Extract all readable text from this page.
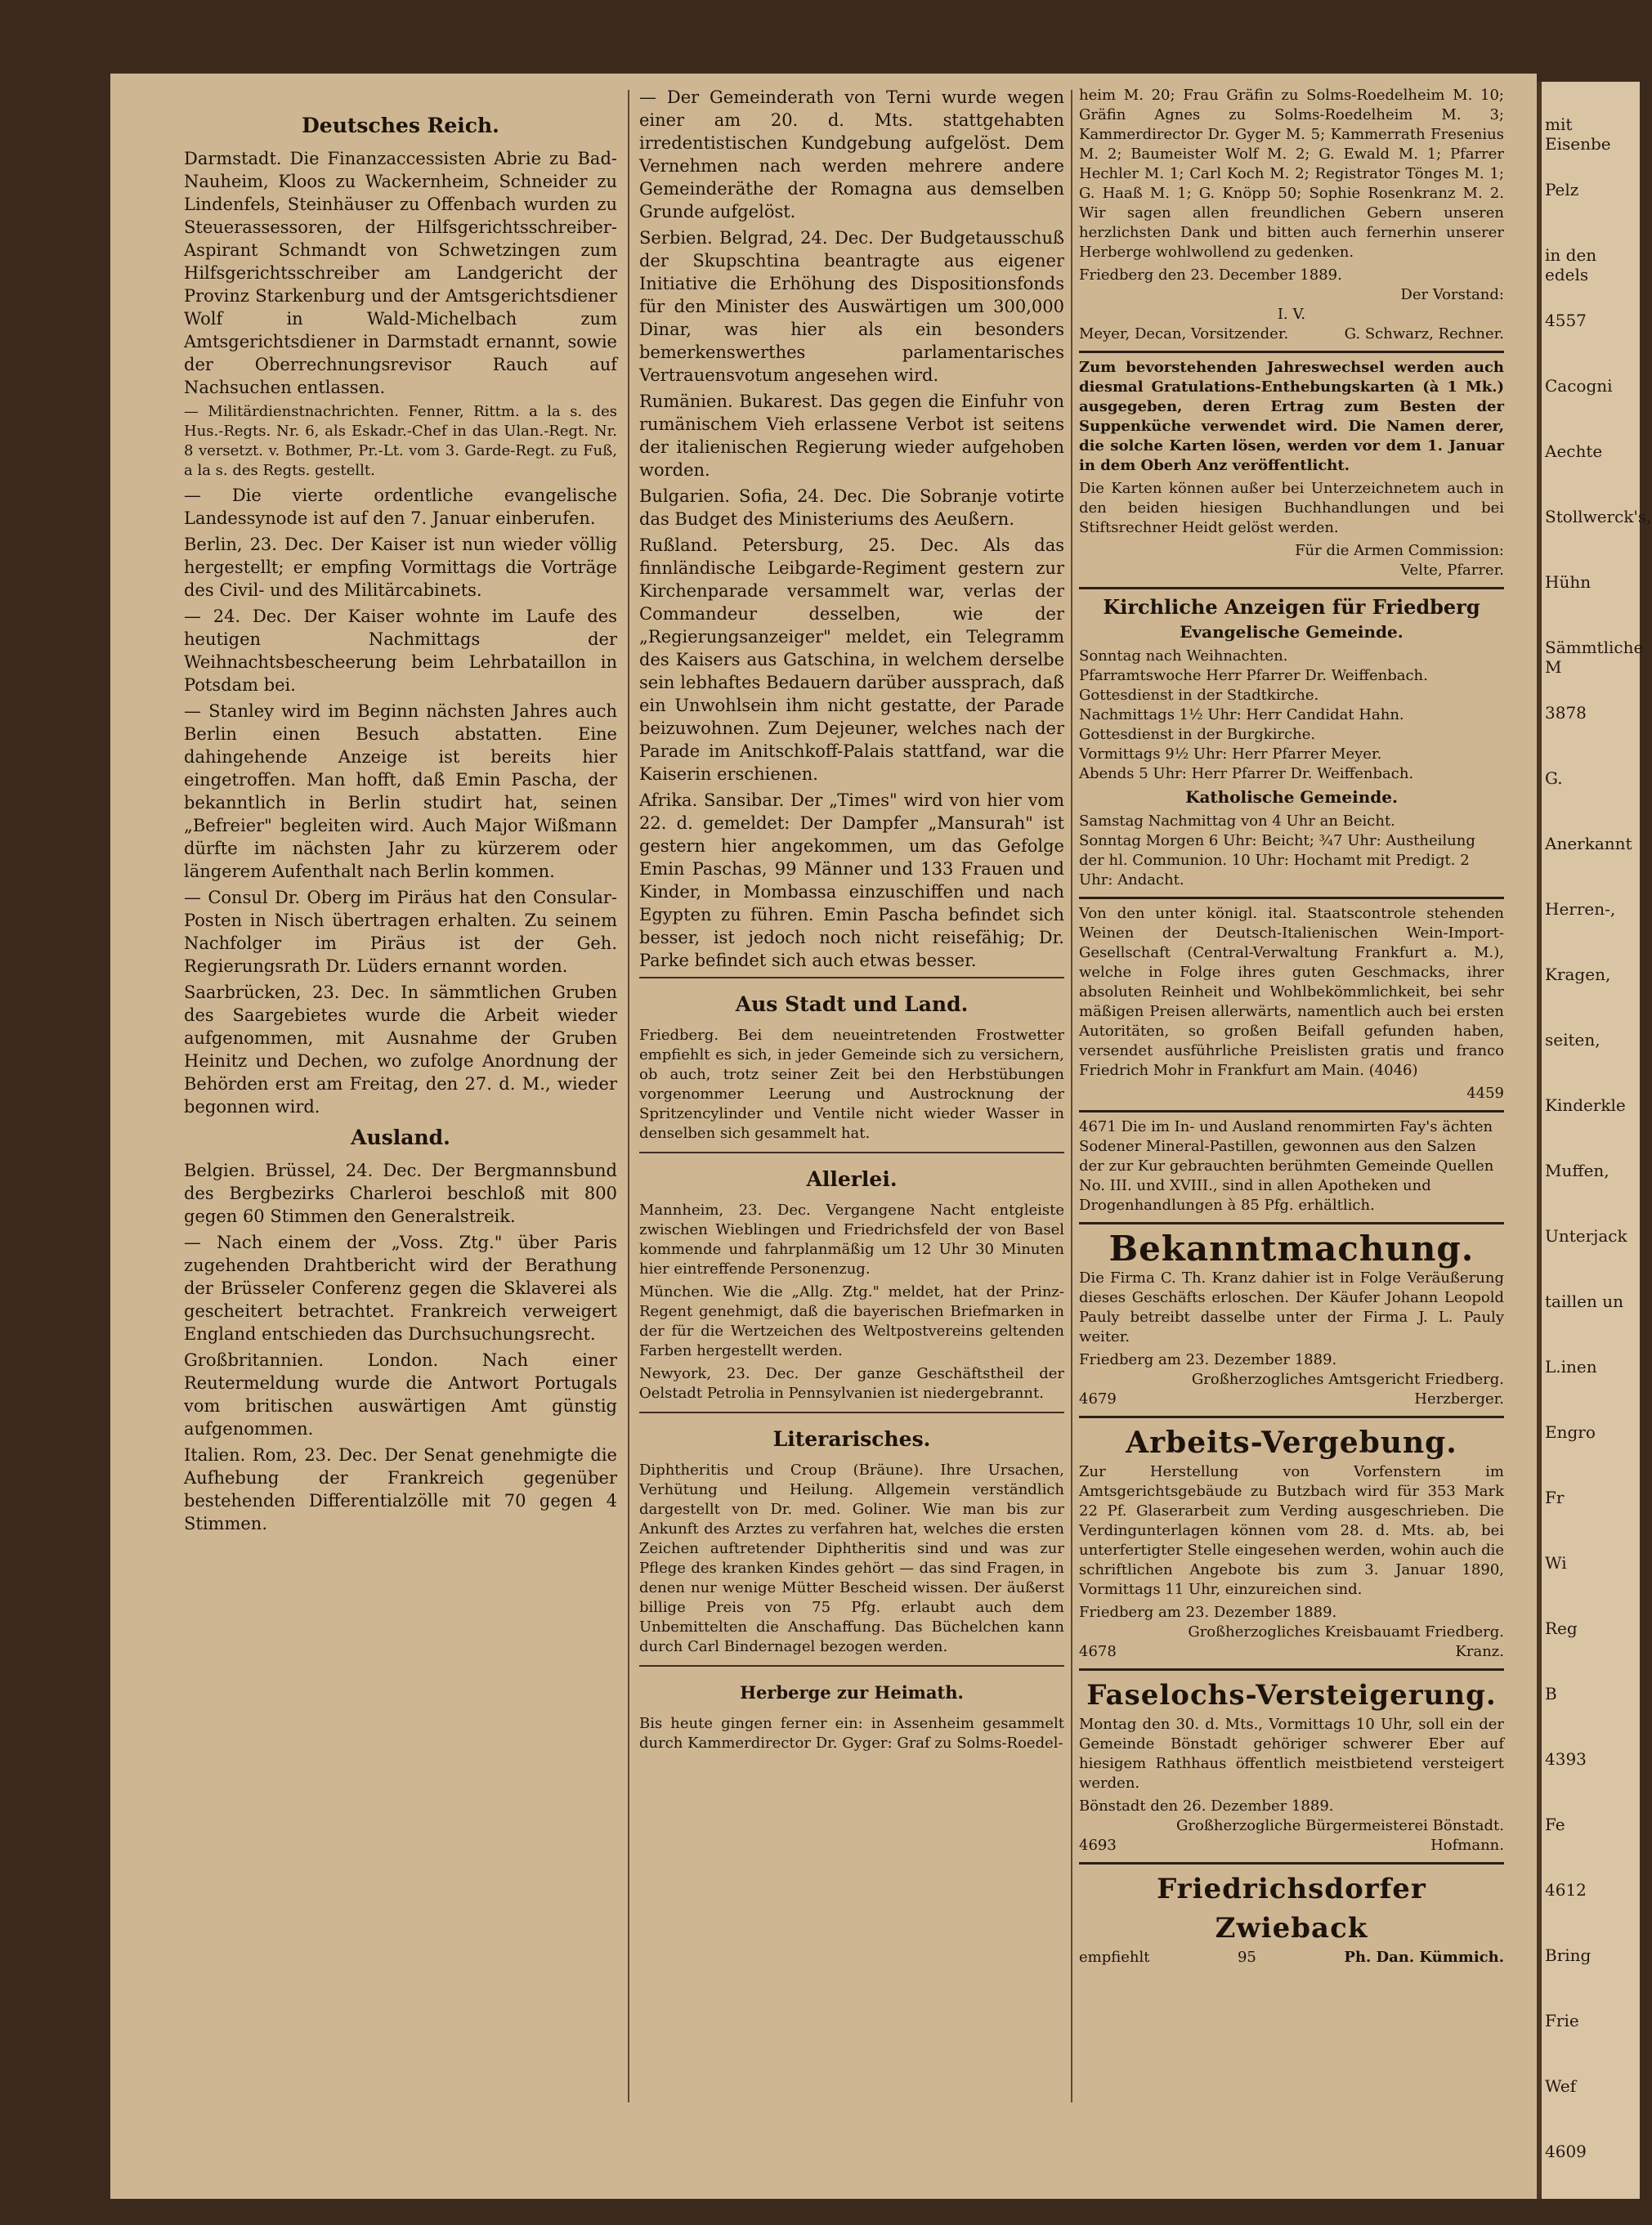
Deutsches Reich.

Darmstadt. Die Finanzaccessisten Abrie zu Bad-Nauheim, Kloos zu Wackernheim, Schneider zu Lindenfels, Steinhäuser zu Offenbach wurden zu Steuerassessoren, der Hilfsgerichtsschreiber-Aspirant Schmandt von Schwetzingen zum Hilfsgerichtsschreiber am Landgericht der Provinz Starkenburg und der Amtsgerichtsdiener Wolf in Wald-Michelbach zum Amtsgerichtsdiener in Darmstadt ernannt, sowie der Oberrechnungsrevisor Rauch auf Nachsuchen entlassen.

— Militärdienstnachrichten. Fenner, Rittm. a la s. des Hus.-Regts. Nr. 6, als Eskadr.-Chef in das Ulan.-Regt. Nr. 8 versetzt. v. Bothmer, Pr.-Lt. vom 3. Garde-Regt. zu Fuß, a la s. des Regts. gestellt.

— Die vierte ordentliche evangelische Landessynode ist auf den 7. Januar einberufen.

Berlin, 23. Dec. Der Kaiser ist nun wieder völlig hergestellt; er empfing Vormittags die Vorträge des Civil- und des Militärcabinets.

— 24. Dec. Der Kaiser wohnte im Laufe des heutigen Nachmittags der Weihnachtsbescheerung beim Lehrbataillon in Potsdam bei.

— Stanley wird im Beginn nächsten Jahres auch Berlin einen Besuch abstatten. Eine dahingehende Anzeige ist bereits hier eingetroffen. Man hofft, daß Emin Pascha, der bekanntlich in Berlin studirt hat, seinen „Befreier" begleiten wird. Auch Major Wißmann dürfte im nächsten Jahr zu kürzerem oder längerem Aufenthalt nach Berlin kommen.

— Consul Dr. Oberg im Piräus hat den Consular-Posten in Nisch übertragen erhalten. Zu seinem Nachfolger im Piräus ist der Geh. Regierungsrath Dr. Lüders ernannt worden.

Saarbrücken, 23. Dec. In sämmtlichen Gruben des Saargebietes wurde die Arbeit wieder aufgenommen, mit Ausnahme der Gruben Heinitz und Dechen, wo zufolge Anordnung der Behörden erst am Freitag, den 27. d. M., wieder begonnen wird.

Ausland.

Belgien. Brüssel, 24. Dec. Der Bergmannsbund des Bergbezirks Charleroi beschloß mit 800 gegen 60 Stimmen den Generalstreik.

— Nach einem der „Voss. Ztg." über Paris zugehenden Drahtbericht wird der Berathung der Brüsseler Conferenz gegen die Sklaverei als gescheitert betrachtet. Frankreich verweigert England entschieden das Durchsuchungsrecht.

Großbritannien. London. Nach einer Reutermeldung wurde die Antwort Portugals vom britischen auswärtigen Amt günstig aufgenommen.

Italien. Rom, 23. Dec. Der Senat genehmigte die Aufhebung der Frankreich gegenüber bestehenden Differentialzölle mit 70 gegen 4 Stimmen.

— Der Gemeinderath von Terni wurde wegen einer am 20. d. Mts. stattgehabten irredentistischen Kundgebung aufgelöst. Dem Vernehmen nach werden mehrere andere Gemeinderäthe der Romagna aus demselben Grunde aufgelöst.

Serbien. Belgrad, 24. Dec. Der Budgetausschuß der Skupschtina beantragte aus eigener Initiative die Erhöhung des Dispositionsfonds für den Minister des Auswärtigen um 300,000 Dinar, was hier als ein besonders bemerkenswerthes parlamentarisches Vertrauensvotum angesehen wird.

Rumänien. Bukarest. Das gegen die Einfuhr von rumänischem Vieh erlassene Verbot ist seitens der italienischen Regierung wieder aufgehoben worden.

Bulgarien. Sofia, 24. Dec. Die Sobranje votirte das Budget des Ministeriums des Aeußern.

Rußland. Petersburg, 25. Dec. Als das finnländische Leibgarde-Regiment gestern zur Kirchenparade versammelt war, verlas der Commandeur desselben, wie der „Regierungsanzeiger" meldet, ein Telegramm des Kaisers aus Gatschina, in welchem derselbe sein lebhaftes Bedauern darüber aussprach, daß ein Unwohlsein ihm nicht gestatte, der Parade beizuwohnen. Zum Dejeuner, welches nach der Parade im Anitschkoff-Palais stattfand, war die Kaiserin erschienen.

Afrika. Sansibar. Der „Times" wird von hier vom 22. d. gemeldet: Der Dampfer „Mansurah" ist gestern hier angekommen, um das Gefolge Emin Paschas, 99 Männer und 133 Frauen und Kinder, in Mombassa einzuschiffen und nach Egypten zu führen. Emin Pascha befindet sich besser, ist jedoch noch nicht reisefähig; Dr. Parke befindet sich auch etwas besser.

Aus Stadt und Land.

Friedberg. Bei dem neueintretenden Frostwetter empfiehlt es sich, in jeder Gemeinde sich zu versichern, ob auch, trotz seiner Zeit bei den Herbstübungen vorgenommer Leerung und Austrocknung der Spritzencylinder und Ventile nicht wieder Wasser in denselben sich gesammelt hat.

Allerlei.

Mannheim, 23. Dec. Vergangene Nacht entgleiste zwischen Wieblingen und Friedrichsfeld der von Basel kommende und fahrplanmäßig um 12 Uhr 30 Minuten hier eintreffende Personenzug.

München. Wie die „Allg. Ztg." meldet, hat der Prinz-Regent genehmigt, daß die bayerischen Briefmarken in der für die Wertzeichen des Weltpostvereins geltenden Farben hergestellt werden.

Newyork, 23. Dec. Der ganze Geschäftstheil der Oelstadt Petrolia in Pennsylvanien ist niedergebrannt.

Literarisches.

Diphtheritis und Croup (Bräune). Ihre Ursachen, Verhütung und Heilung. Allgemein verständlich dargestellt von Dr. med. Goliner. Wie man bis zur Ankunft des Arztes zu verfahren hat, welches die ersten Zeichen auftretender Diphtheritis sind und was zur Pflege des kranken Kindes gehört — das sind Fragen, in denen nur wenige Mütter Bescheid wissen. Der äußerst billige Preis von 75 Pfg. erlaubt auch dem Unbemittelten die Anschaffung. Das Büchelchen kann durch Carl Bindernagel bezogen werden.

Herberge zur Heimath.

Bis heute gingen ferner ein: in Assenheim gesammelt durch Kammerdirector Dr. Gyger: Graf zu Solms-Roedel-

heim M. 20; Frau Gräfin zu Solms-Roedelheim M. 10; Gräfin Agnes zu Solms-Roedelheim M. 3; Kammerdirector Dr. Gyger M. 5; Kammerrath Fresenius M. 2; Baumeister Wolf M. 2; G. Ewald M. 1; Pfarrer Hechler M. 1; Carl Koch M. 2; Registrator Tönges M. 1; G. Haaß M. 1; G. Knöpp 50; Sophie Rosenkranz M. 2. Wir sagen allen freundlichen Gebern unseren herzlichsten Dank und bitten auch fernerhin unserer Herberge wohlwollend zu gedenken.

Friedberg den 23. December 1889.
Der Vorstand:
I. V.
Meyer, Decan, Vorsitzender.	G. Schwarz, Rechner.

Zum bevorstehenden Jahreswechsel werden auch diesmal Gratulations-Enthebungskarten (à 1 Mk.) ausgegeben, deren Ertrag zum Besten der Suppenküche verwendet wird. Die Namen derer, die solche Karten lösen, werden vor dem 1. Januar in dem Oberh Anz veröffentlicht.

Die Karten können außer bei Unterzeichnetem auch in den beiden hiesigen Buchhandlungen und bei Stiftsrechner Heidt gelöst werden.

Für die Armen Commission:
Velte, Pfarrer.
Kirchliche Anzeigen für Friedberg
Evangelische Gemeinde.
Sonntag nach Weihnachten.
Pfarramtswoche Herr Pfarrer Dr. Weiffenbach.
Gottesdienst in der Stadtkirche.
Nachmittags 1½ Uhr: Herr Candidat Hahn.
Gottesdienst in der Burgkirche.
Vormittags 9½ Uhr: Herr Pfarrer Meyer.
Abends 5 Uhr: Herr Pfarrer Dr. Weiffenbach.
Katholische Gemeinde.
Samstag Nachmittag von 4 Uhr an Beicht.
Sonntag Morgen 6 Uhr: Beicht; ¾7 Uhr: Austheilung der hl. Communion. 10 Uhr: Hochamt mit Predigt. 2 Uhr: Andacht.

Von den unter königl. ital. Staatscontrole stehenden Weinen der Deutsch-Italienischen Wein-Import-Gesellschaft (Central-Verwaltung Frankfurt a. M.), welche in Folge ihres guten Geschmacks, ihrer absoluten Reinheit und Wohlbekömmlichkeit, bei sehr mäßigen Preisen allerwärts, namentlich auch bei ersten Autoritäten, so großen Beifall gefunden haben, versendet ausführliche Preislisten gratis und franco Friedrich Mohr in Frankfurt am Main. (4046)

4459
4671 Die im In- und Ausland renommirten Fay's ächten Sodener Mineral-Pastillen, gewonnen aus den Salzen der zur Kur gebrauchten berühmten Gemeinde Quellen No. III. und XVIII., sind in allen Apotheken und Drogenhandlungen à 85 Pfg. erhältlich.
Bekanntmachung.

Die Firma C. Th. Kranz dahier ist in Folge Veräußerung dieses Geschäfts erloschen. Der Käufer Johann Leopold Pauly betreibt dasselbe unter der Firma J. L. Pauly weiter.

Friedberg am 23. Dezember 1889.
Großherzogliches Amtsgericht Friedberg.
4679	Herzberger.
Arbeits-Vergebung.

Zur Herstellung von Vorfenstern im Amtsgerichtsgebäude zu Butzbach wird für 353 Mark 22 Pf. Glaserarbeit zum Verding ausgeschrieben. Die Verdingunterlagen können vom 28. d. Mts. ab, bei unterfertigter Stelle eingesehen werden, wohin auch die schriftlichen Angebote bis zum 3. Januar 1890, Vormittags 11 Uhr, einzureichen sind.

Friedberg am 23. Dezember 1889.
Großherzogliches Kreisbauamt Friedberg.
4678	Kranz.
Faselochs-Versteigerung.

Montag den 30. d. Mts., Vormittags 10 Uhr, soll ein der Gemeinde Bönstadt gehöriger schwerer Eber auf hiesigem Rathhaus öffentlich meistbietend versteigert werden.

Bönstadt den 26. Dezember 1889.
Großherzogliche Bürgermeisterei Bönstadt.
4693	Hofmann.
Friedrichsdorfer Zwieback
empfiehlt	95	Ph. Dan. Kümmich.
mit Eisenbe
Pelz
in den edels
4557
Cacogni
Aechte
Stollwerck's,
Hühn
Sämmtliche M
3878
G.
Anerkannt
Herren-,
Kragen,
seiten,
Kinderkle
Muffen,
Unterjack
taillen un
L.inen
Engro
Fr
Wi
Reg
B
4393
Fe
4612
Bring
Frie
Wef
4609
